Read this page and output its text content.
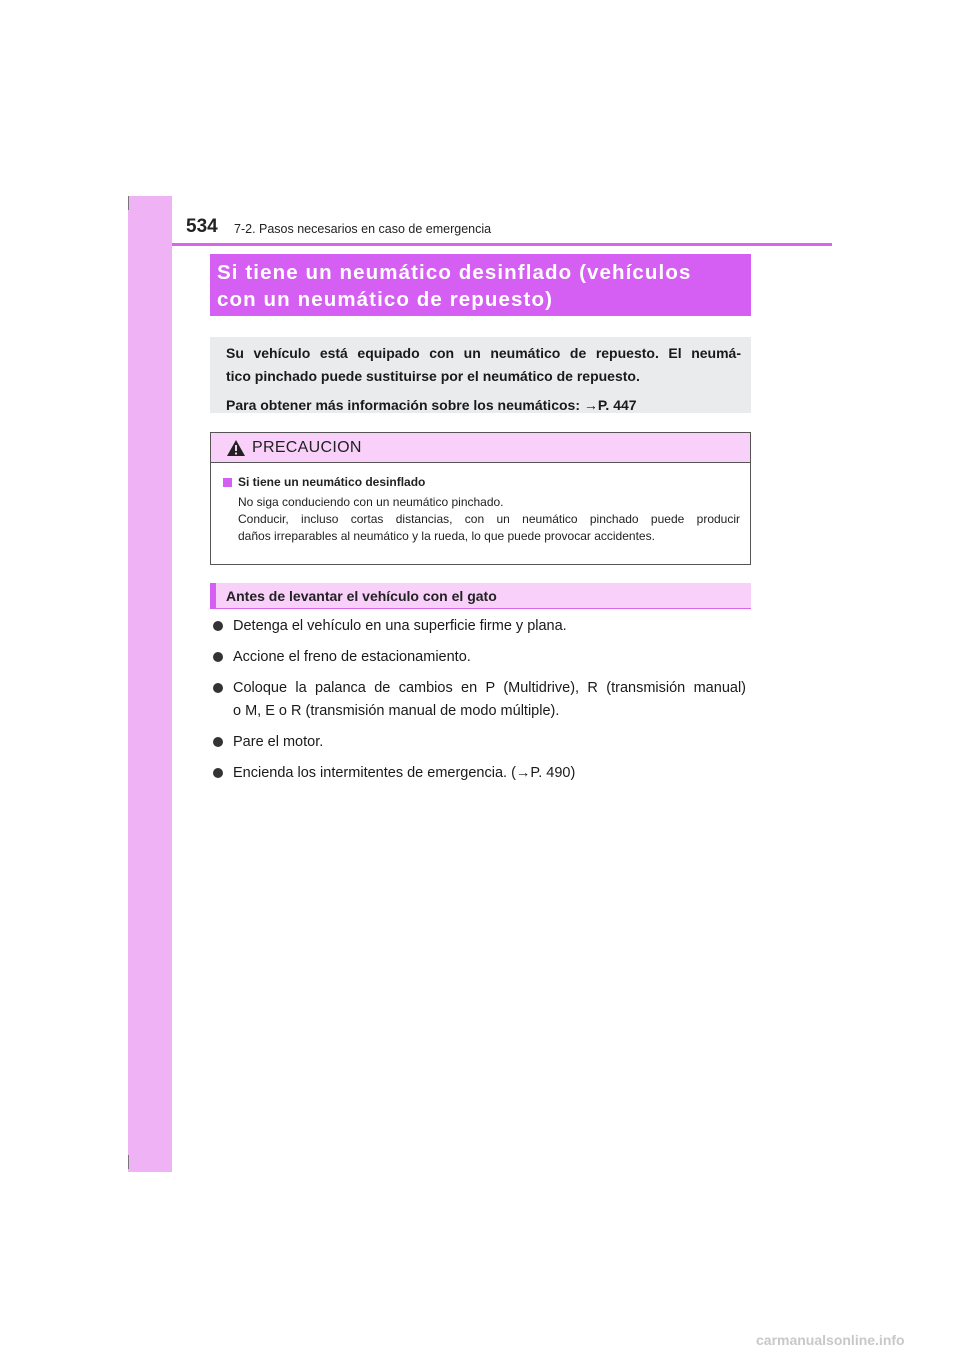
534 7-2. Pasos necesarios en caso de emergencia
Si tiene un neumático desinflado (vehículos
con un neumático de repuesto)
Su vehículo está equipado con un neumático de repuesto. El neumá-
tico pinchado puede sustituirse por el neumático de repuesto.
Para obtener más información sobre los neumáticos: →P. 447
PRECAUCION
Si tiene un neumático desinflado
No siga conduciendo con un neumático pinchado.
Conducir, incluso cortas distancias, con un neumático pinchado puede producir
daños irreparables al neumático y la rueda, lo que puede provocar accidentes.
Antes de levantar el vehículo con el gato
Detenga el vehículo en una superficie firme y plana.
Accione el freno de estacionamiento.
Coloque la palanca de cambios en P (Multidrive), R (transmisión manual)
o M, E o R (transmisión manual de modo múltiple).
Pare el motor.
Encienda los intermitentes de emergencia. (→P. 490)
carmanualsonline.info
